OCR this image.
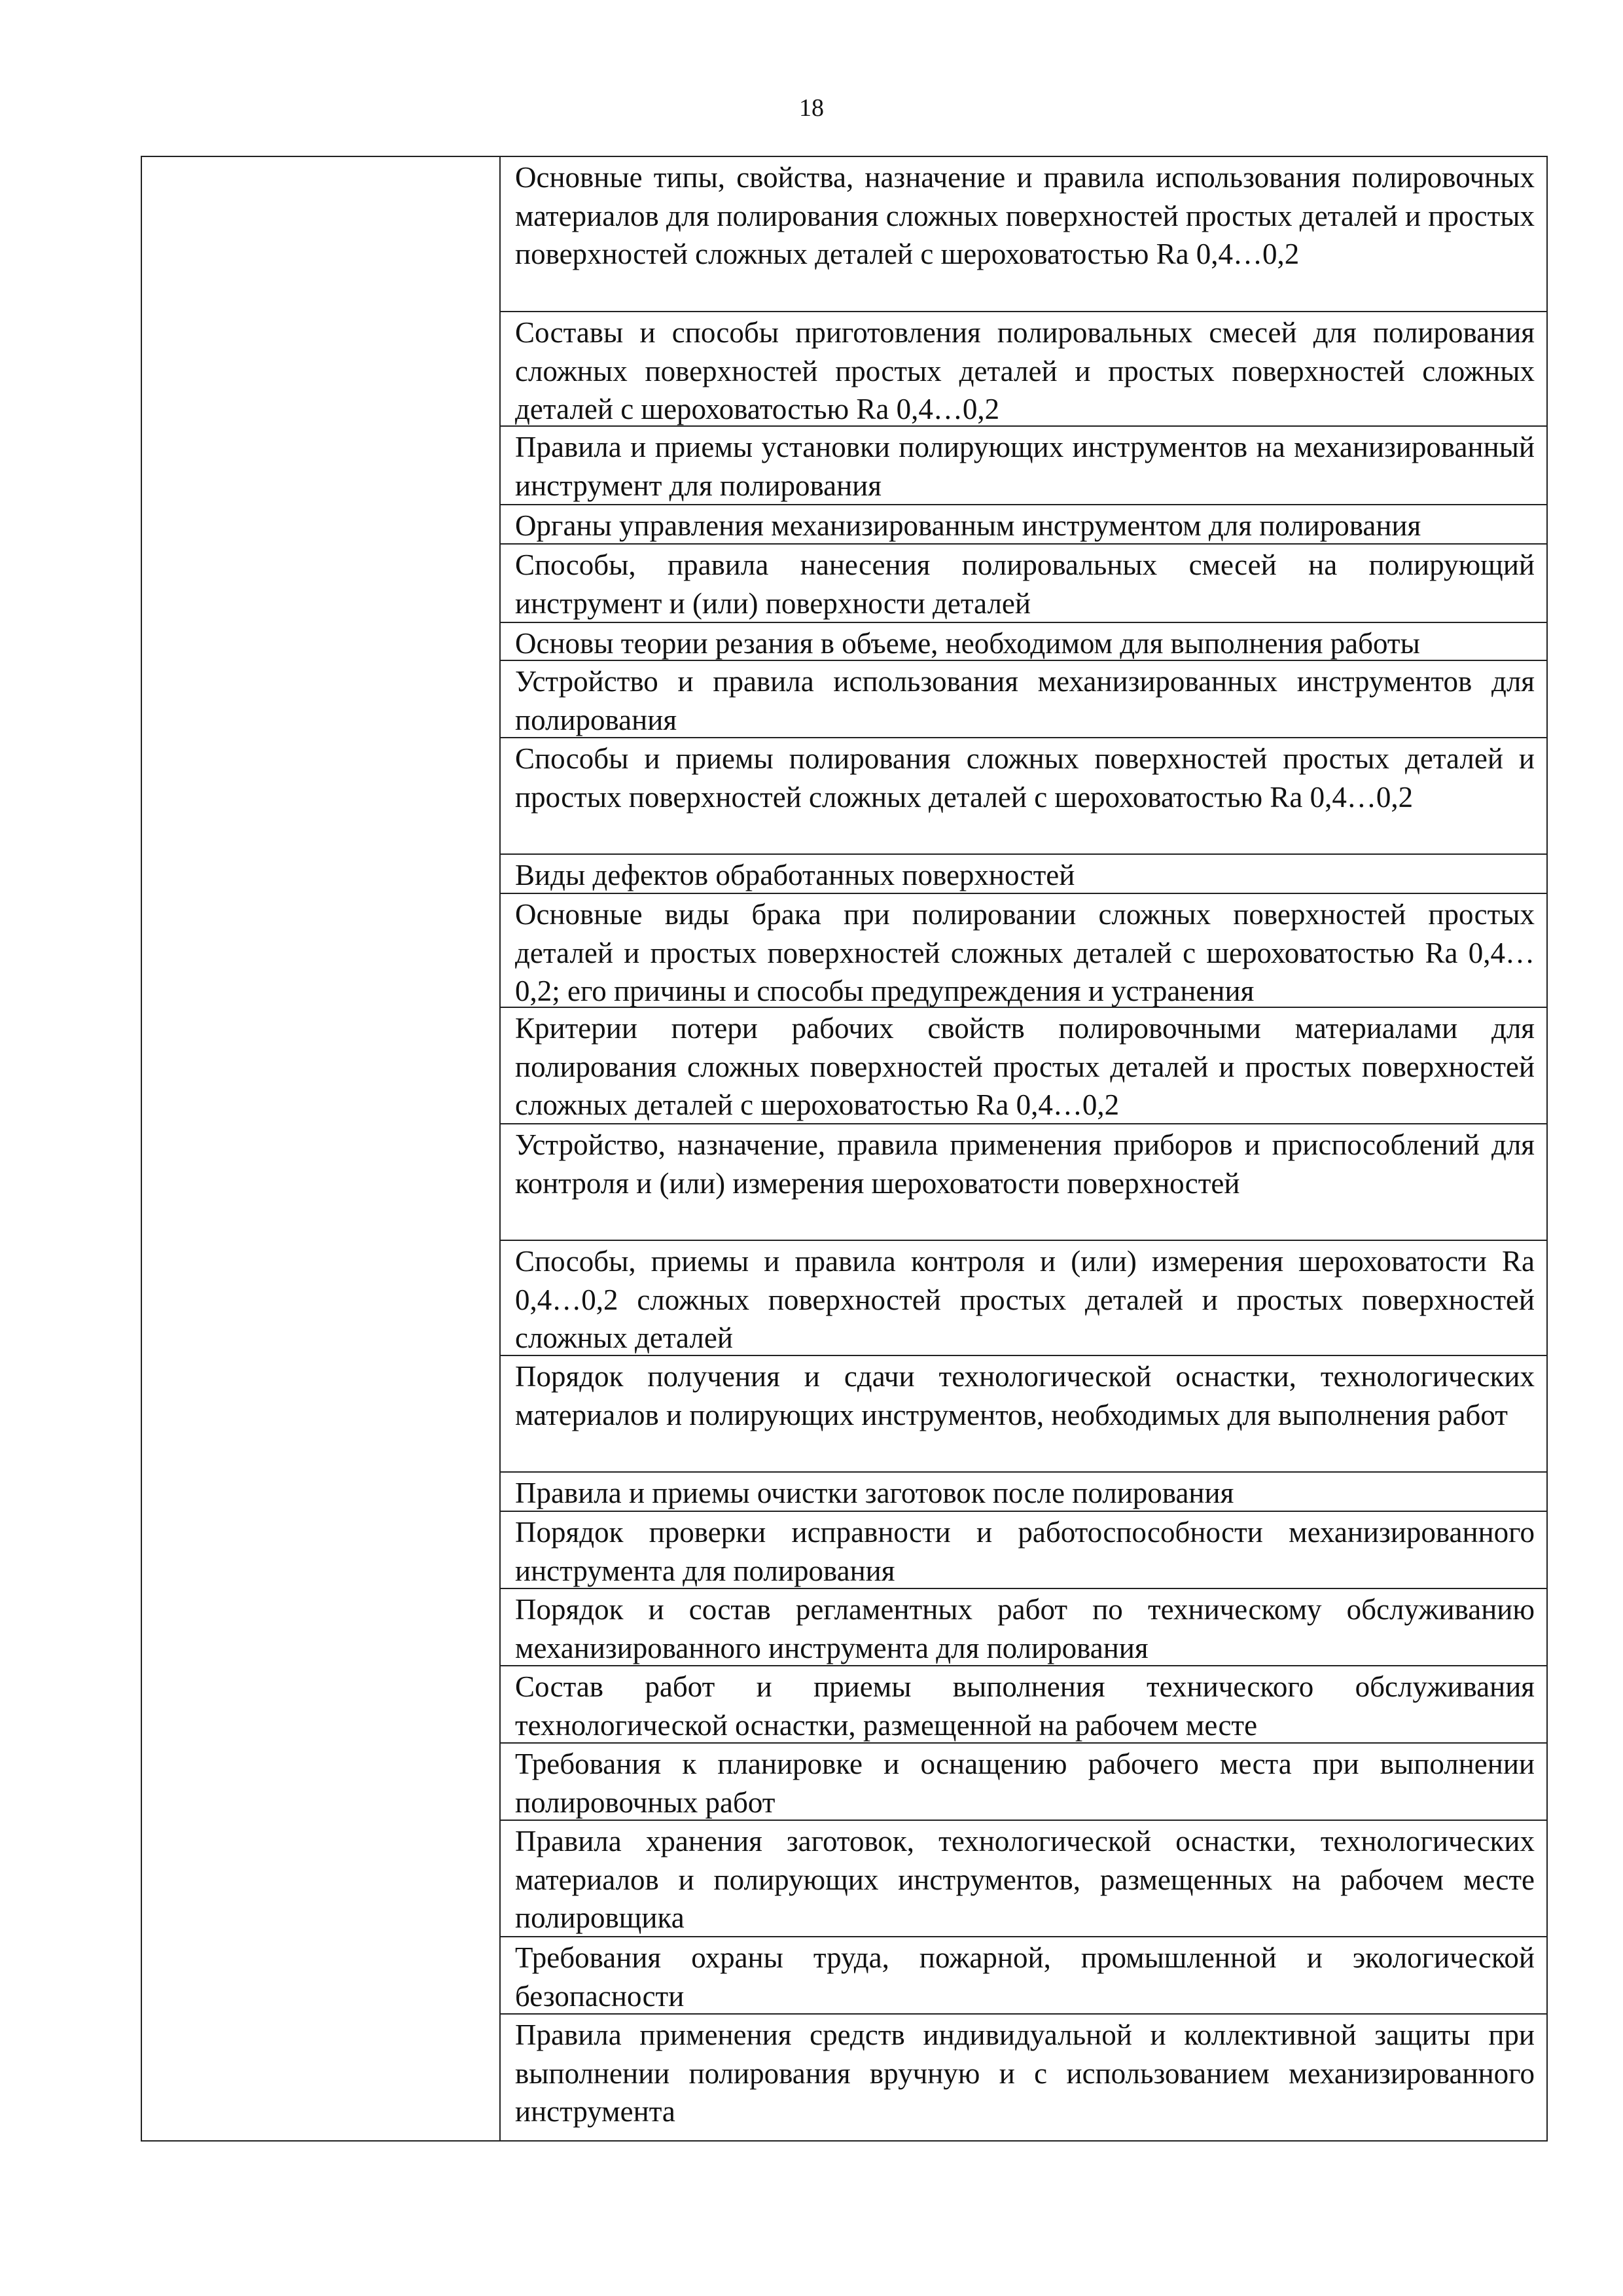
18
Основные типы, свойства, назначение и правила использования полировочных материалов для полирования сложных поверхностей простых деталей и простых поверхностей сложных деталей с шероховатостью Ra 0,4…0,2
Составы и способы приготовления полировальных смесей для полирования сложных поверхностей простых деталей и простых поверхностей сложных деталей с шероховатостью Ra 0,4…0,2
Правила и приемы установки полирующих инструментов на механизированный инструмент для полирования
Органы управления механизированным инструментом для полирования
Способы, правила нанесения полировальных смесей на полирующий инструмент и (или) поверхности деталей
Основы теории резания в объеме, необходимом для выполнения работы
Устройство и правила использования механизированных инструментов для полирования
Способы и приемы полирования сложных поверхностей простых деталей и простых поверхностей сложных деталей с шероховатостью Ra 0,4…0,2
Виды дефектов обработанных поверхностей
Основные виды брака при полировании сложных поверхностей простых деталей и простых поверхностей сложных деталей с шероховатостью Ra 0,4…0,2; его причины и способы предупреждения и устранения
Критерии потери рабочих свойств полировочными материалами для полирования сложных поверхностей простых деталей и простых поверхностей сложных деталей с шероховатостью Ra 0,4…0,2
Устройство, назначение, правила применения приборов и приспособлений для контроля и (или) измерения шероховатости поверхностей
Способы, приемы и правила контроля и (или) измерения шероховатости Ra 0,4…0,2 сложных поверхностей простых деталей и простых поверхностей сложных деталей
Порядок получения и сдачи технологической оснастки, технологических материалов и полирующих инструментов, необходимых для выполнения работ
Правила и приемы очистки заготовок после полирования
Порядок проверки исправности и работоспособности механизированного инструмента для полирования
Порядок и состав регламентных работ по техническому обслуживанию механизированного инструмента для полирования
Состав работ и приемы выполнения технического обслуживания технологической оснастки, размещенной на рабочем месте
Требования к планировке и оснащению рабочего места при выполнении полировочных работ
Правила хранения заготовок, технологической оснастки, технологических материалов и полирующих инструментов, размещенных на рабочем месте полировщика
Требования охраны труда, пожарной, промышленной и экологической безопасности
Правила применения средств индивидуальной и коллективной защиты при выполнении полирования вручную и с использованием механизированного инструмента
